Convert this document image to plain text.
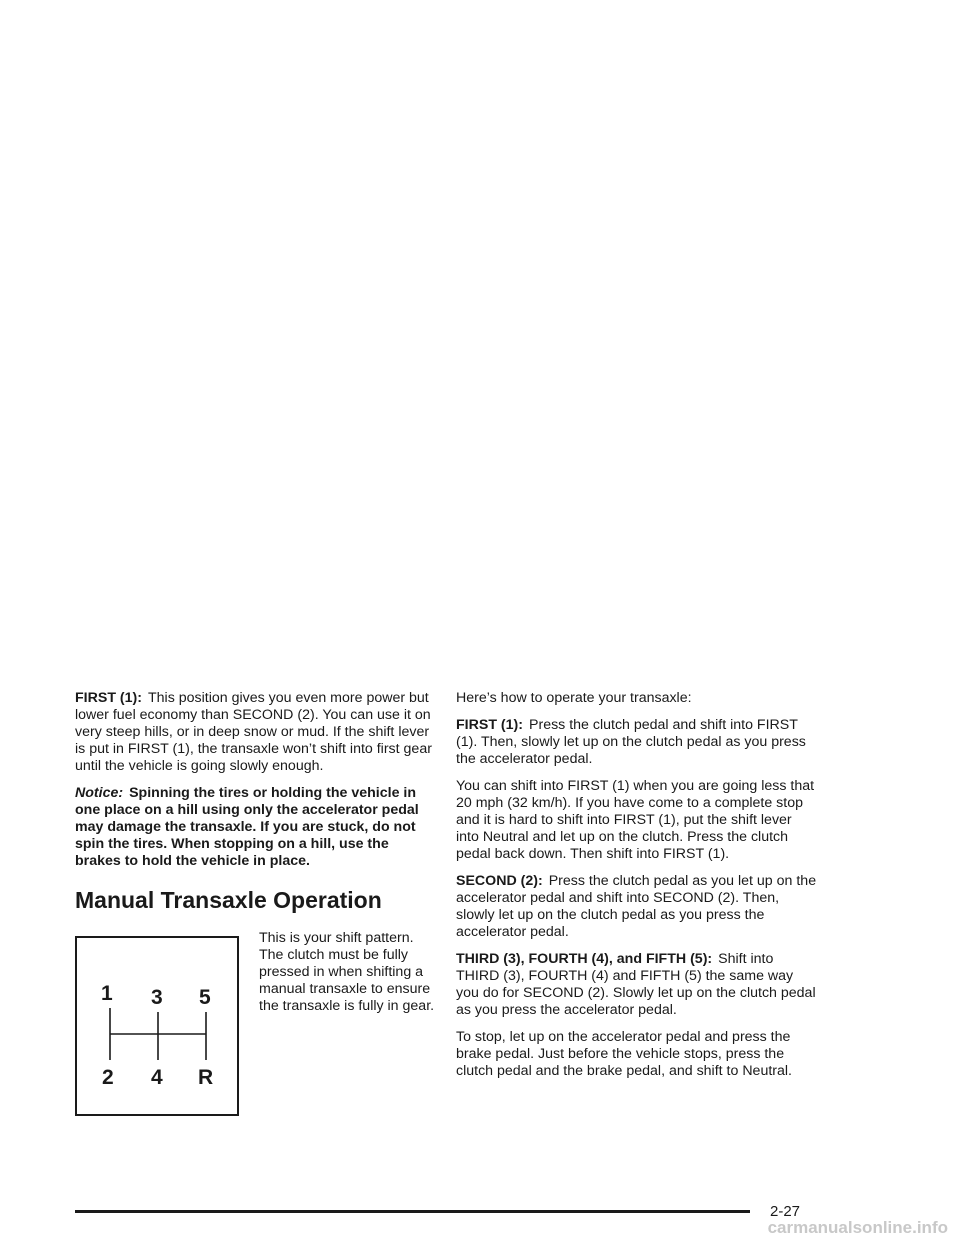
FIRST (1): This position gives you even more power but lower fuel economy than SECOND (2). You can use it on very steep hills, or in deep snow or mud. If the shift lever is put in FIRST (1), the transaxle won’t shift into first gear until the vehicle is going slowly enough.

Notice: Spinning the tires or holding the vehicle in one place on a hill using only the accelerator pedal may damage the transaxle. If you are stuck, do not spin the tires. When stopping on a hill, use the brakes to hold the vehicle in place.

Manual Transaxle Operation
1 3 5
2 4 R
This is your shift pattern. The clutch must be fully pressed in when shifting a manual transaxle to ensure the transaxle is fully in gear.

Here’s how to operate your transaxle:

FIRST (1): Press the clutch pedal and shift into FIRST (1). Then, slowly let up on the clutch pedal as you press the accelerator pedal.

You can shift into FIRST (1) when you are going less that 20 mph (32 km/h). If you have come to a complete stop and it is hard to shift into FIRST (1), put the shift lever into Neutral and let up on the clutch. Press the clutch pedal back down. Then shift into FIRST (1).

SECOND (2): Press the clutch pedal as you let up on the accelerator pedal and shift into SECOND (2). Then, slowly let up on the clutch pedal as you press the accelerator pedal.

THIRD (3), FOURTH (4), and FIFTH (5): Shift into THIRD (3), FOURTH (4) and FIFTH (5) the same way you do for SECOND (2). Slowly let up on the clutch pedal as you press the accelerator pedal.

To stop, let up on the accelerator pedal and press the brake pedal. Just before the vehicle stops, press the clutch pedal and the brake pedal, and shift to Neutral.

2-27
carmanualsonline.info
